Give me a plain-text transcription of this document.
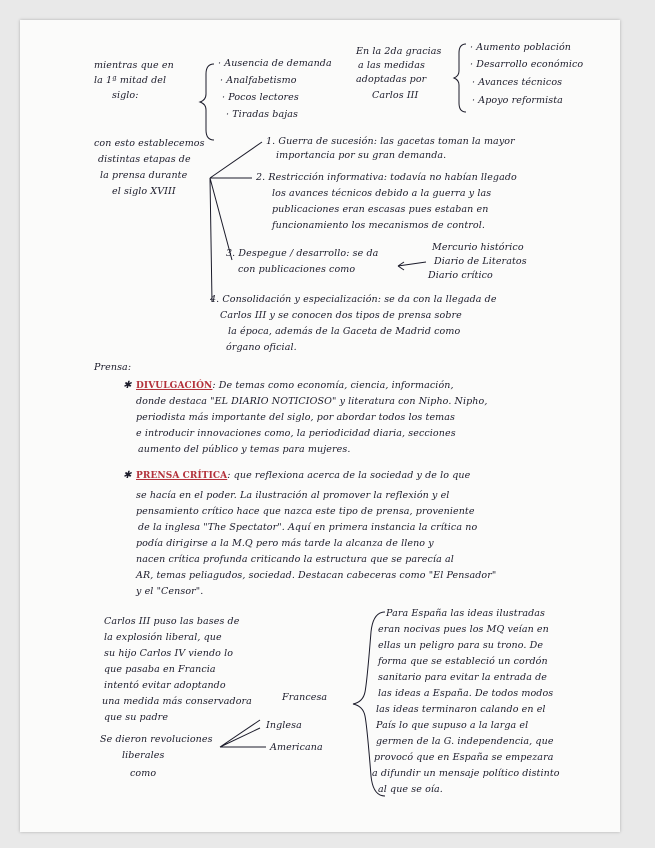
✱
✱
mientras que en
la 1ª mitad del
siglo:
· Ausencia de demanda
· Analfabetismo
· Pocos lectores
· Tiradas bajas
En la 2da gracias
a las medidas
adoptadas por
Carlos III
· Aumento población
· Desarrollo económico
· Avances técnicos
· Apoyo reformista
con esto establecemos
distintas etapas de
la prensa durante
el siglo XVIII
1. Guerra de sucesión: las gacetas toman la mayor
importancia por su gran demanda.
2. Restricción informativa: todavía no habían llegado
los avances técnicos debido a la guerra y las
publicaciones eran escasas pues estaban en
funcionamiento los mecanismos de control.
3. Despegue / desarrollo: se da
con publicaciones como
Mercurio histórico
Diario de Literatos
Diario crítico
4. Consolidación y especialización: se da con la llegada de
Carlos III y se conocen dos tipos de prensa sobre
la época, además de la Gaceta de Madrid como
órgano oficial.
Prensa:
DIVULGACIÓN: De temas como economía, ciencia, información,
donde destaca "EL DIARIO NOTICIOSO" y literatura con Nipho. Nipho,
periodista más importante del siglo, por abordar todos los temas
e introducir innovaciones como, la periodicidad diaria, secciones
aumento del público y temas para mujeres.
PRENSA CRÍTICA: que reflexiona acerca de la sociedad y de lo que
se hacía en el poder. La ilustración al promover la reflexión y el
pensamiento crítico hace que nazca este tipo de prensa, proveniente
de la inglesa "The Spectator". Aquí en primera instancia la crítica no
podía dirigirse a la M.Q pero más tarde la alcanza de lleno y
nacen crítica profunda criticando la estructura que se parecía al
AR, temas peliagudos, sociedad. Destacan cabeceras como "El Pensador"
y el "Censor".
Carlos III puso las bases de
la explosión liberal, que
su hijo Carlos IV viendo lo
que pasaba en Francia
intentó evitar adoptando
una medida más conservadora
que su padre
Se dieron revoluciones
liberales
como
Francesa
Inglesa
Americana
Para España las ideas ilustradas
eran nocivas pues los MQ veían en
ellas un peligro para su trono. De
forma que se estableció un cordón
sanitario para evitar la entrada de
las ideas a España. De todos modos
las ideas terminaron calando en el
País lo que supuso a la larga el
germen de la G. independencia, que
provocó que en España se empezara
a difundir un mensaje político distinto
al que se oía.
